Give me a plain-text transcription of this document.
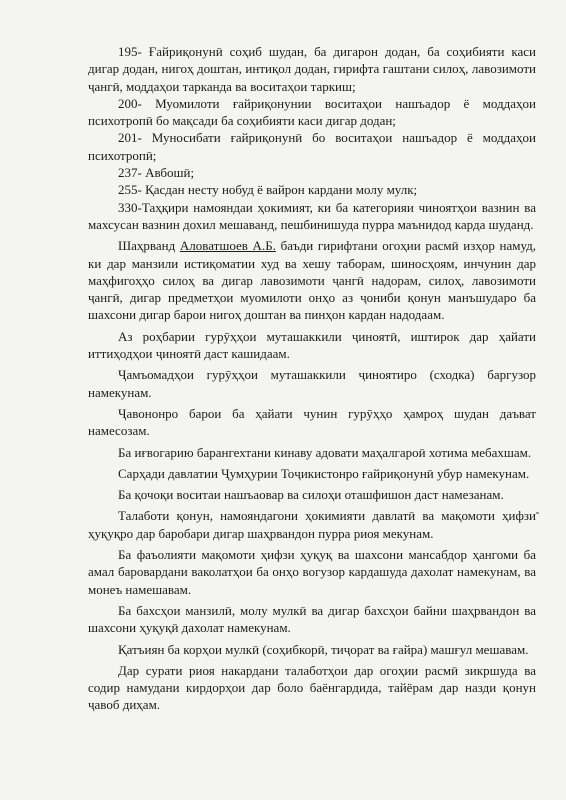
195- Ғайриқонунӣ соҳиб шудан, ба дигарон додан, ба соҳибияти каси дигар додан, нигоҳ доштан, интиқол додан, гирифта гаштани силоҳ, лавозимоти ҷангӣ, моддаҳои тарканда ва воситаҳои таркиш;

200- Муомилоти ғайриқонунии воситаҳои нашъадор ё моддаҳои психотропӣ бо мақсади ба соҳибияти каси дигар додан;

201- Муносибати ғайриқонунӣ бо воситаҳои нашъадор ё моддаҳои психотропӣ;

237- Авбошӣ;

255- Қасдан несту нобуд ё вайрон кардани молу мулк;

330-Таҳқири намояндаи ҳокимият, ки ба категорияи чиноятҳои вазнин ва махсусан вазнин дохил мешаванд, пешбинишуда пурра маънидод карда шуданд.

Шаҳрванд Аловатшоев А.Б. баъди гирифтани огоҳии расмӣ изҳор намуд, ки дар манзили истиқоматии худ ва хешу таборам, шиносҳоям, инчунин дар маҳфигоҳҳо силоҳ ва дигар лавозимоти ҷангӣ надорам, силоҳ, лавозимоти ҷангӣ, дигар предметҳои муомилоти онҳо аз ҷониби қонун манъшударо ба шахсони дигар барои нигоҳ доштан ва пинҳон кардан надодаам.

Аз роҳбарии гурӯҳҳои муташаккили ҷиноятӣ, иштирок дар ҳайати иттиҳодҳои ҷиноятӣ даст кашидаам.

Ҷамъомадҳои гурӯҳҳои муташаккили ҷиноятиро (сходка) баргузор намекунам.

Ҷавононро барои ба ҳайати чунин гурӯҳҳо ҳамроҳ шудан даъват намесозам.

Ба иғвогарию барангехтани кинаву адовати маҳалгароӣ хотима мебахшам.

Сарҳади давлатии Ҷумҳурии Тоҷикистонро ғайриқонунӣ убур намекунам.

Ба қочоқи воситаи нашъаовар ва силоҳи оташфишон даст намезанам.

Талаботи қонун, намояндагони ҳокимияти давлатӣ ва мақомоти ҳифзи ҳуқуқро дар баробари дигар шаҳрвандон пурра риоя мекунам.

Ба фаъолияти мақомоти ҳифзи ҳуқуқ ва шахсони мансабдор ҳангоми ба амал баровардани ваколатҳои ба онҳо вогузор кардашуда дахолат намекунам, ва монеъ намешавам.

Ба бахсҳои манзилӣ, молу мулкӣ ва дигар бахсҳои байни шаҳрвандон ва шахсони ҳуқуқӣ дахолат намекунам.

Қатъиян ба корҳои мулкӣ (соҳибкорӣ, тиҷорат ва ғайра) машғул мешавам.

Дар сурати риоя накардани талаботҳои дар огоҳии расмӣ зикршуда ва содир намудани кирдорҳои дар боло баёнгардида, тайёрам дар назди қонун ҷавоб диҳам.
